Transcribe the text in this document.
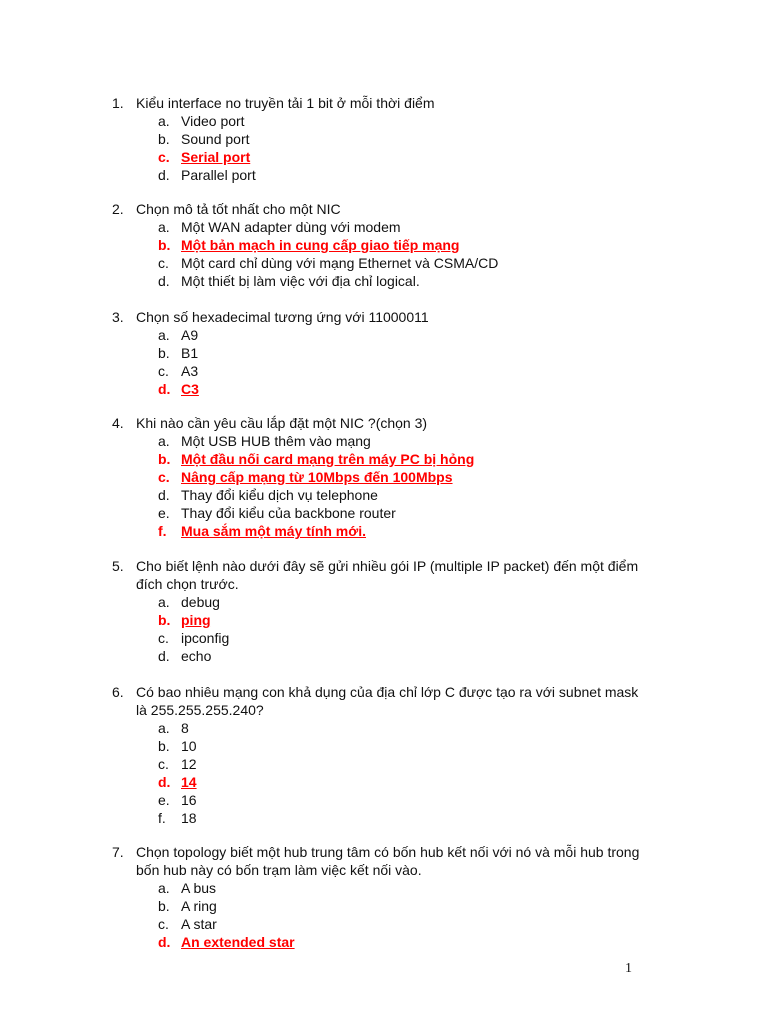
1. Kiểu interface no truyền tải 1 bit ở mỗi thời điểm
a. Video port
b. Sound port
c. Serial port
d. Parallel port
2. Chọn mô tả tốt nhất cho một NIC
a. Một WAN adapter dùng với modem
b. Một bản mạch in cung cấp giao tiếp mạng
c. Một card chỉ dùng với mạng Ethernet và CSMA/CD
d. Một thiết bị làm việc với địa chỉ logical.
3. Chọn số hexadecimal tương ứng với 11000011
a. A9
b. B1
c. A3
d. C3
4. Khi nào cần yêu cầu lắp đặt một NIC ?(chọn 3)
a. Một USB HUB thêm vào mạng
b. Một đầu nối card mạng trên máy PC bị hỏng
c. Nâng cấp mạng từ 10Mbps đến 100Mbps
d. Thay đổi kiểu dịch vụ telephone
e. Thay đổi kiểu của backbone router
f. Mua sắm một máy tính mới.
5. Cho biết lệnh nào dưới đây sẽ gửi nhiều gói IP (multiple IP packet) đến một điểm
đích chọn trước.
a. debug
b. ping
c. ipconfig
d. echo
6. Có bao nhiêu mạng con khả dụng của địa chỉ lớp C được tạo ra với subnet mask
là 255.255.255.240?
a. 8
b. 10
c. 12
d. 14
e. 16
f. 18
7. Chọn topology biết một hub trung tâm có bốn hub kết nối với nó và mỗi hub trong
bốn hub này có bốn trạm làm việc kết nối vào.
a. A bus
b. A ring
c. A star
d. An extended star
1
